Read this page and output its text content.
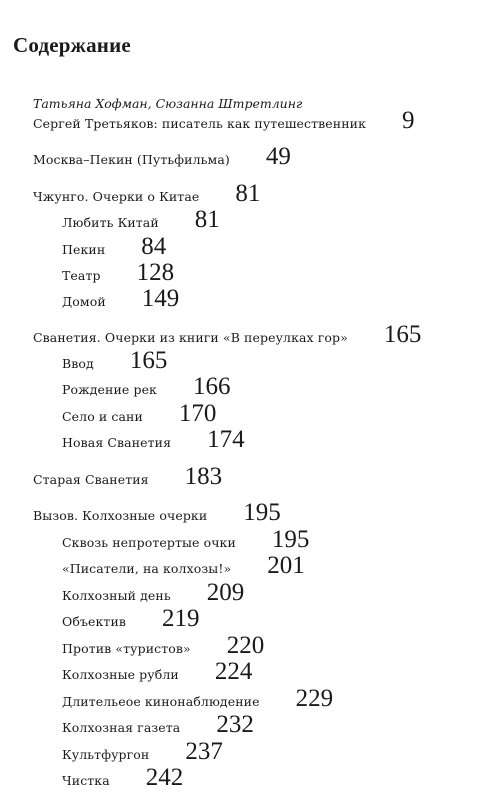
Содержание
Татьяна Хофман, Сюзанна Штретлинг
Сергей Третьяков: писатель как путешественник 9
Москва–Пекин (Путьфильма) 49
Чжунго. Очерки о Китае 81
Любить Китай 81
Пекин 84
Театр 128
Домой 149
Сванетия. Очерки из книги «В переулках гор» 165
Ввод 165
Рождение рек 166
Село и сани 170
Новая Сванетия 174
Старая Сванетия 183
Вызов. Колхозные очерки 195
Сквозь непротертые очки 195
«Писатели, на колхозы!» 201
Колхозный день 209
Объектив 219
Против «туристов» 220
Колхозные рубли 224
Длительеое кинонаблюдение 229
Колхозная газета 232
Культфургон 237
Чистка 242
